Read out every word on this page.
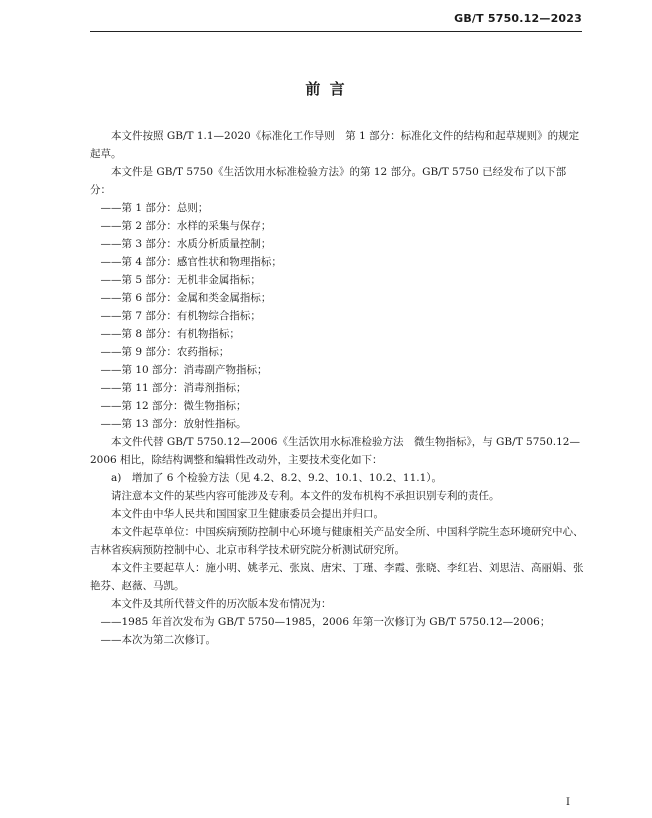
GB/T 5750.12—2023
前 言

本文件按照 GB/T 1.1—2020《标准化工作导则　第 1 部分：标准化文件的结构和起草规则》的规定起草。

本文件是 GB/T 5750《生活饮用水标准检验方法》的第 12 部分。GB/T 5750 已经发布了以下部分：

——第 1 部分：总则；

——第 2 部分：水样的采集与保存；

——第 3 部分：水质分析质量控制；

——第 4 部分：感官性状和物理指标；

——第 5 部分：无机非金属指标；

——第 6 部分：金属和类金属指标；

——第 7 部分：有机物综合指标；

——第 8 部分：有机物指标；

——第 9 部分：农药指标；

——第 10 部分：消毒副产物指标；

——第 11 部分：消毒剂指标；

——第 12 部分：微生物指标；

——第 13 部分：放射性指标。

本文件代替 GB/T 5750.12—2006《生活饮用水标准检验方法　微生物指标》，与 GB/T 5750.12—2006 相比，除结构调整和编辑性改动外，主要技术变化如下：

a)　增加了 6 个检验方法（见 4.2、8.2、9.2、10.1、10.2、11.1）。

请注意本文件的某些内容可能涉及专利。本文件的发布机构不承担识别专利的责任。

本文件由中华人民共和国国家卫生健康委员会提出并归口。

本文件起草单位：中国疾病预防控制中心环境与健康相关产品安全所、中国科学院生态环境研究中心、吉林省疾病预防控制中心、北京市科学技术研究院分析测试研究所。

本文件主要起草人：施小明、姚孝元、张岚、唐宋、丁瑾、李霞、张晓、李红岩、刘思洁、高丽娟、张艳芬、赵薇、马凯。

本文件及其所代替文件的历次版本发布情况为：

——1985 年首次发布为 GB/T 5750—1985，2006 年第一次修订为 GB/T 5750.12—2006；

——本次为第二次修订。

I
